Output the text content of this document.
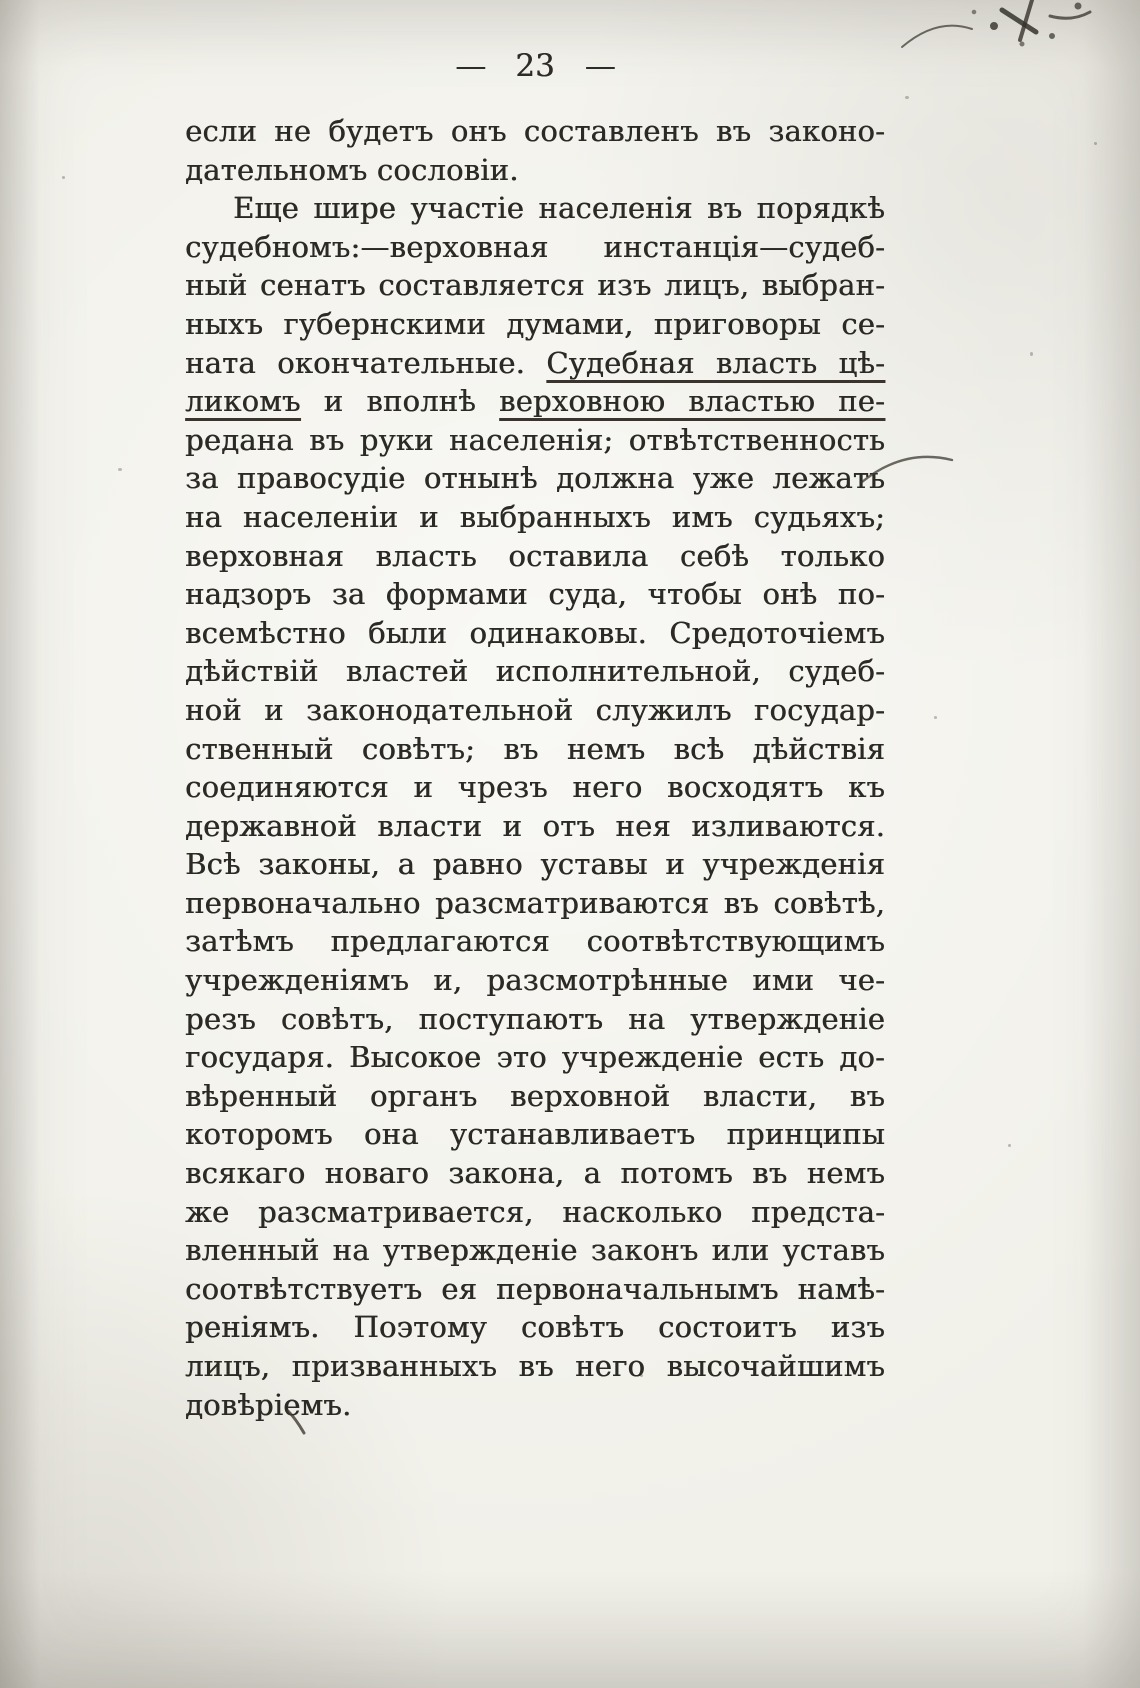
— 23 —
если не будетъ онъ составленъ въ законо-
дательномъ сословіи.
Еще шире участіе населенія въ порядкѣ
судебномъ:—верховная инстанція—судеб-
ный сенатъ составляется изъ лицъ, выбран-
ныхъ губернскими думами, приговоры се-
ната окончательные. Судебная власть цѣ-
ликомъ и вполнѣ верховною властью пе-
редана въ руки населенія; отвѣтственность
за правосудіе отнынѣ должна уже лежать
на населеніи и выбранныхъ имъ судьяхъ;
верховная власть оставила себѣ только
надзоръ за формами суда, чтобы онѣ по-
всемѣстно были одинаковы. Средоточіемъ
дѣйствій властей исполнительной, судеб-
ной и законодательной служилъ государ-
ственный совѣтъ; въ немъ всѣ дѣйствія
соединяются и чрезъ него восходятъ къ
державной власти и отъ нея изливаются.
Всѣ законы, а равно уставы и учрежденія
первоначально разсматриваются въ совѣтѣ,
затѣмъ предлагаются соотвѣтствующимъ
учрежденіямъ и, разсмотрѣнные ими че-
резъ совѣтъ, поступаютъ на утвержденіе
государя. Высокое это учрежденіе есть до-
вѣренный органъ верховной власти, въ
которомъ она устанавливаетъ принципы
всякаго новаго закона, а потомъ въ немъ
же разсматривается, насколько предста-
вленный на утвержденіе законъ или уставъ
соотвѣтствуетъ ея первоначальнымъ намѣ-
реніямъ. Поэтому совѣтъ состоитъ изъ
лицъ, призванныхъ въ него высочайшимъ
довѣріемъ.
